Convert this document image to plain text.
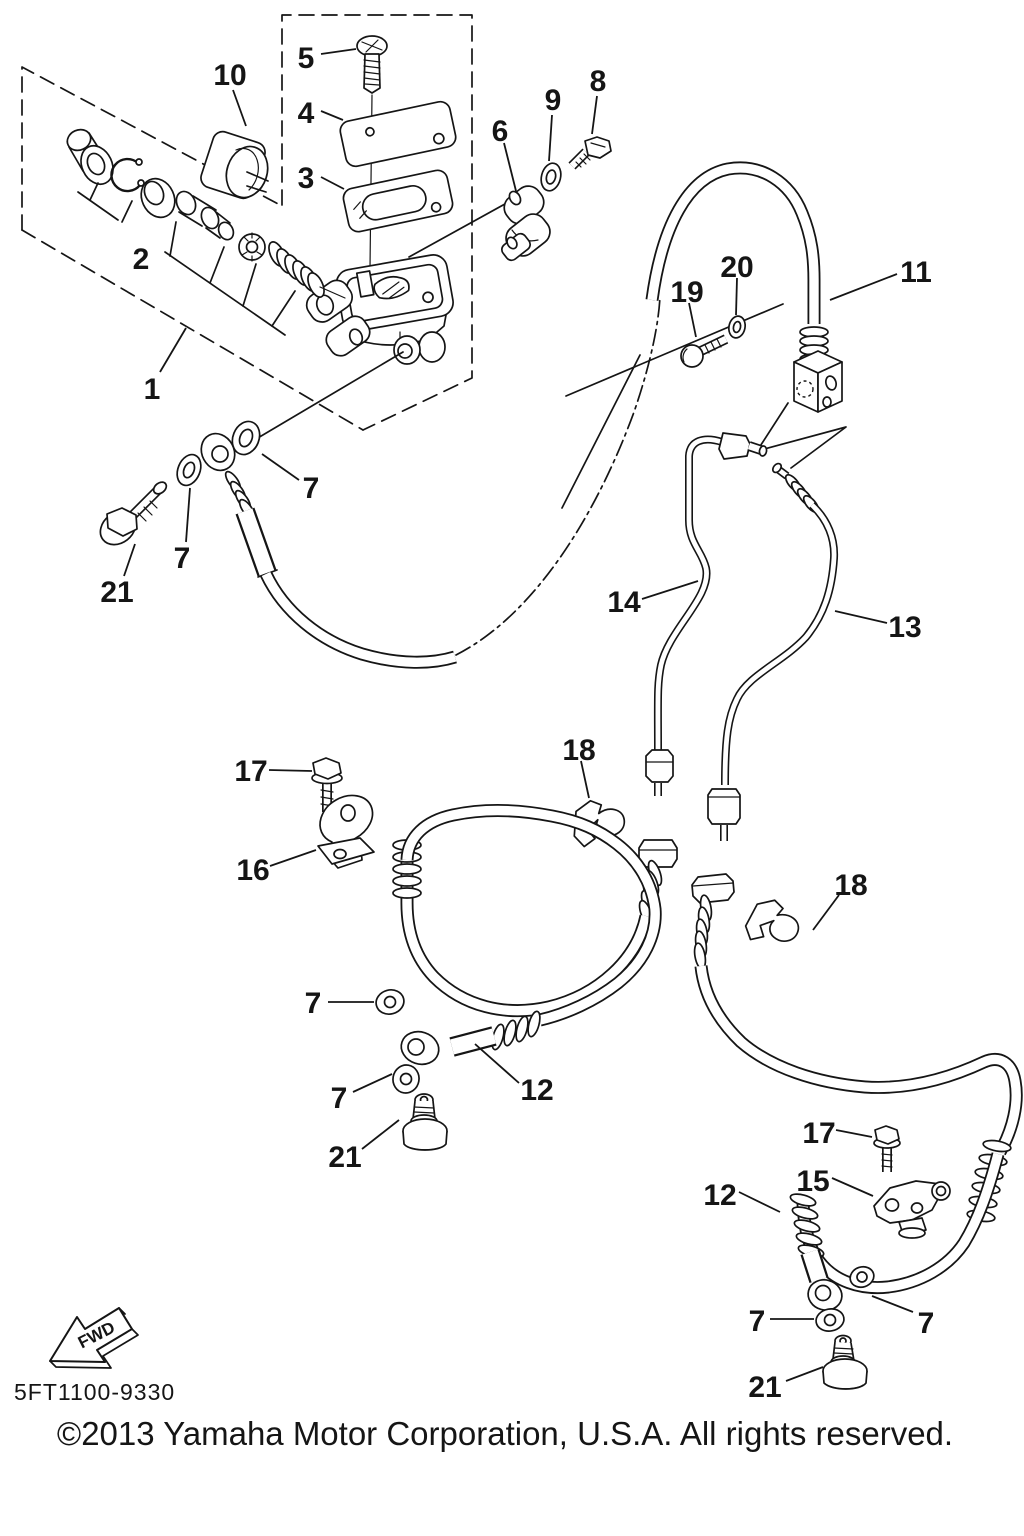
FWD
5FT1100-9330
©2013 Yamaha Motor Corporation, U.S.A. All rights reserved.
1
2
3
4
5
6
7
7
7
7
7	7
8
9
10
11
12
12
13
14
15
16
17
17
18
18
19
20
21
21
21
